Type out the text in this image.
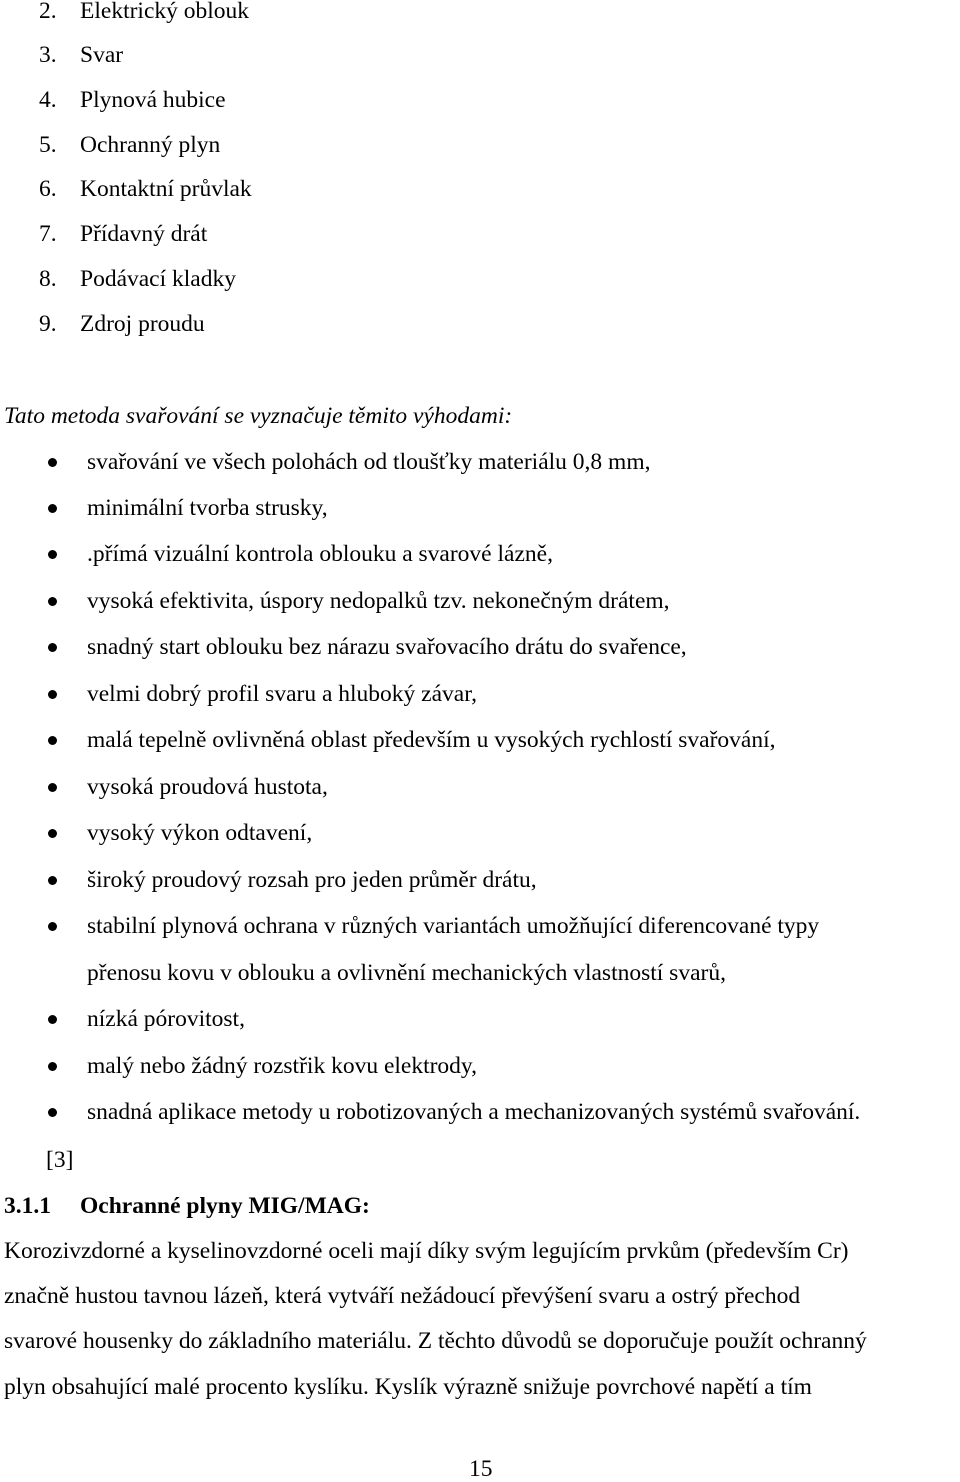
2. Elektrický oblouk
3. Svar
4. Plynová hubice
5. Ochranný plyn
6. Kontaktní průvlak
7. Přídavný drát
8. Podávací kladky
9. Zdroj proudu
Tato metoda svařování se vyznačuje těmito výhodami:
svařování ve všech polohách od tloušťky materiálu 0,8 mm,
minimální tvorba strusky,
.přímá vizuální kontrola oblouku a svarové lázně,
vysoká efektivita, úspory nedopalků tzv. nekonečným drátem,
snadný start oblouku bez nárazu svařovacího drátu do svařence,
velmi dobrý profil svaru a hluboký závar,
malá tepelně ovlivněná oblast především u vysokých rychlostí svařování,
vysoká proudová hustota,
vysoký výkon odtavení,
široký proudový rozsah pro jeden průměr drátu,
stabilní plynová ochrana v různých variantách umožňující diferencované typy
přenosu kovu v oblouku a ovlivnění mechanických vlastností svarů,
nízká pórovitost,
malý nebo žádný rozstřik kovu elektrody,
snadná aplikace metody u robotizovaných a mechanizovaných systémů svařování.
[3]
3.1.1 Ochranné plyny MIG/MAG:
Korozivzdorné a kyselinovzdorné oceli mají díky svým legujícím prvkům (především Cr)
značně hustou tavnou lázeň, která vytváří nežádoucí převýšení svaru a ostrý přechod
svarové housenky do základního materiálu. Z těchto důvodů se doporučuje použít ochranný
plyn obsahující malé procento kyslíku. Kyslík výrazně snižuje povrchové napětí a tím
15
